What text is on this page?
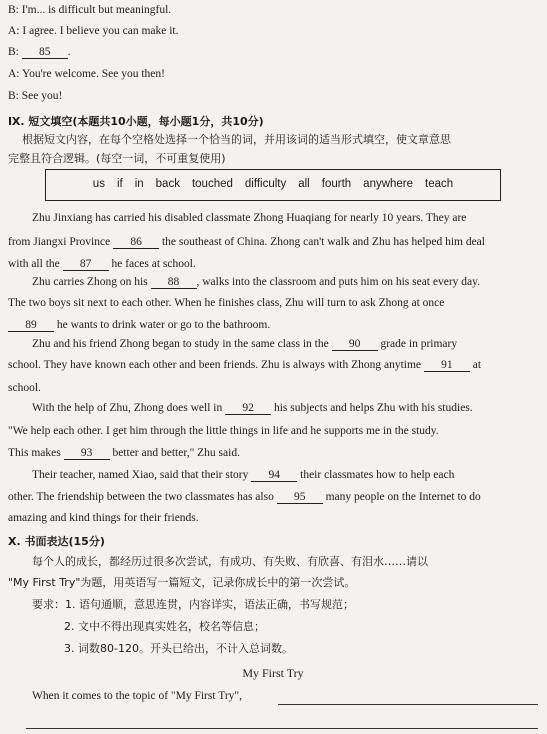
B: I'm... is difficult but meaningful.
A: I agree. I believe you can make it.
B: 85 .
A: You're welcome. See you then!
B: See you!
Ⅸ. 短文填空(本题共10小题，每小题1分，共10分)
根据短文内容，在每个空格处选择一个恰当的词，并用该词的适当形式填空，使文章意思
完整且符合逻辑。(每空一词，不可重复使用)
us if in back touched difficulty all fourth anywhere teach
Zhu Jinxiang has carried his disabled classmate Zhong Huaqiang for nearly 10 years. They are
from Jiangxi Province 86 the southeast of China. Zhong can't walk and Zhu has helped him deal
with all the 87 he faces at school.
Zhu carries Zhong on his 88 , walks into the classroom and puts him on his seat every day.
The two boys sit next to each other. When he finishes class, Zhu will turn to ask Zhong at once
89 he wants to drink water or go to the bathroom.
Zhu and his friend Zhong began to study in the same class in the 90 grade in primary
school. They have known each other and been friends. Zhu is always with Zhong anytime 91 at
school.
With the help of Zhu, Zhong does well in 92 his subjects and helps Zhu with his studies.
"We help each other. I get him through the little things in life and he supports me in the study.
This makes 93 better and better," Zhu said.
Their teacher, named Xiao, said that their story 94 their classmates how to help each
other. The friendship between the two classmates has also 95 many people on the Internet to do
amazing and kind things for their friends.
X. 书面表达(15分)
每个人的成长，都经历过很多次尝试，有成功、有失败、有欣喜、有泪水……请以
"My First Try"为题，用英语写一篇短文，记录你成长中的第一次尝试。
要求：1. 语句通顺，意思连贯，内容详实，语法正确，书写规范；
2. 文中不得出现真实姓名，校名等信息；
3. 词数80-120。开头已给出，不计入总词数。
My First Try
When it comes to the topic of "My First Try",
